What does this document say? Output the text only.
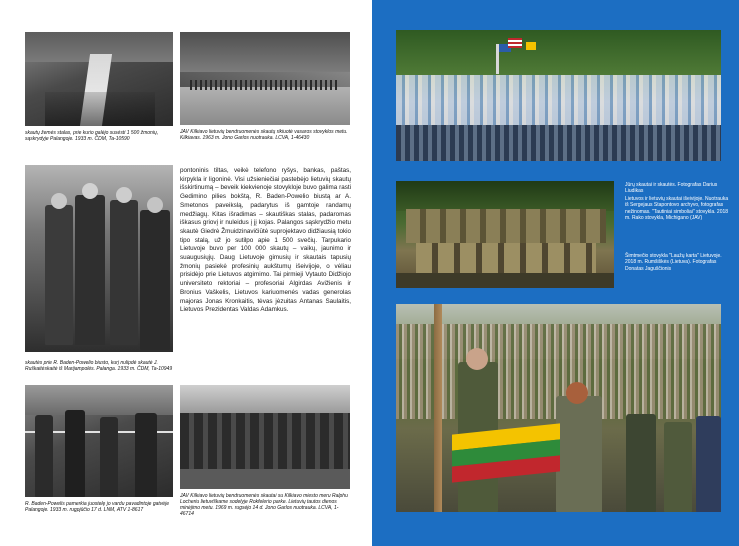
skautų žemės stalas, prie kurio galėjo susėsti 1 500 žmonių, sąskrydyje Palangoje. 1933 m. ČDM, Ta-10590
JAV Kilkiavo lietuvių bendruomenės skautų rikiuotė vasaros stovyklos metu. Kilkiavas. 1963 m. Jono Garlos nuotrauka. LCVA, 1-46430
skautės prie R. Baden-Powelio biusto, kurį nulipdė skautė J. Ruškaitėskaitė iš Marijampolės. Palanga. 1933 m. ČDM, Ta-10949
pontoninis tiltas, veikė telefono ryšys, bankas, paštas, kirpykla ir ligoninė. Visi užsieniečiai pastebėjo lietuvių skautų išskirtinumą – beveik kiekvienoje stovykloje buvo galima rasti Gedimino pilies bokštą, R. Baden-Powelio biustą ar A. Smetonos paveikslą, padarytus iš gamtoje randamų medžiagų. Kitas išradimas – skautiškas stalas, padaromas iškasus griovį ir nuleidus į jį kojas. Palangos sąskrydžio metu skautė Giedrė Žmuidzinavičiūtė suprojektavo didžiausią tokio tipo stalą, už jo sutilpo apie 1 500 svečių. Tarpukario Lietuvoje buvo per 100 000 skautų – vaikų, jaunimo ir suaugusiųjų. Daug Lietuvoje gimusių ir skautais tapusių žmonių pasiekė profesinių aukštumų išeivijoje, o vėliau prisidėjo prie Lietuvos atgimimo. Tai pirmieji Vytauto Didžiojo universiteto rektoriai – profesoriai Algirdas Avižienis ir Bronius Vaškelis, Lietuvos kariuomenės vadas generolas majoras Jonas Kronkaitis, tėvas jėzuitas Antanas Saulaitis, Lietuvos Prezidentas Valdas Adamkus.
R. Baden-Powelis pamerkia juostelę jo vardu pavadintoje gatvėje Palangoje. 1933 m. rugpjūčio 17 d. LNM, ATV 1-8617
JAV Kilkiavo lietuvių bendruomenės skautai su Kilkiavo miesto meru Ralphu Locheriu lietuviškame sodelyje Rokfelerio parke. Lietuvių tautos dienos minėjimo metu. 1969 m. rugsėjo 14 d. Jono Garlos nuotrauka. LCVA, 1-46714
Jūrų skautai ir skautės. Fotografas Darius Liudikas
Lietuvos ir lietuvių skautai išeivijoje. Nuotrauka iš Sergejaus Stapontovo archyvo, fotografas nežinomas. "Tautiniai simboliai" stovykla. 2018 m. Rako stovykla, Michigano (JAV)
Šimtmečio stovykla "Laužų karta" Lietuvoje. 2018 m. Rumšiškės (Lietuva). Fotografas Donatas Jaguščionis
